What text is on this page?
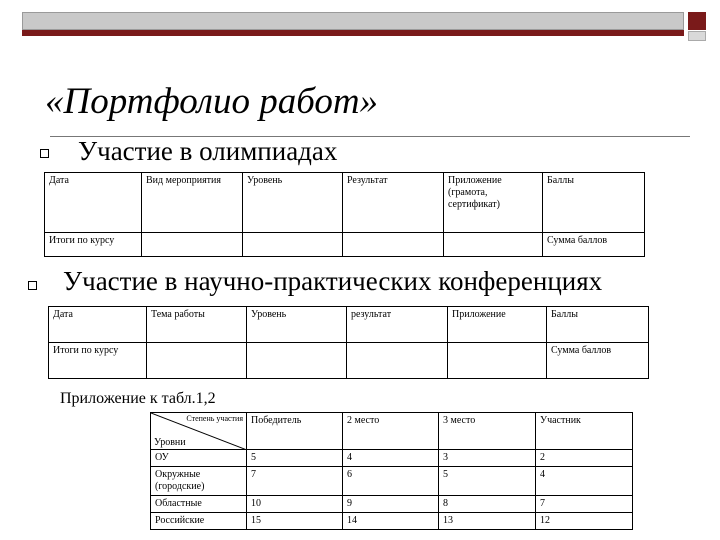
«Портфолио работ»
Участие в олимпиадах
Дата	Вид мероприятия	Уровень	Результат	Приложение (грамота, сертификат)	Баллы
Итоги по курсу					Сумма баллов
Участие в научно-практических конференциях
Дата	Тема работы	Уровень	результат	Приложение	Баллы
Итоги по курсу					Сумма баллов
Приложение к табл.1,2
Степень участия
Уровни	Победитель	2 место	3 место	Участник
ОУ	5	4	3	2
Окружные (городские)	7	6	5	4
Областные	10	9	8	7
Российские	15	14	13	12
